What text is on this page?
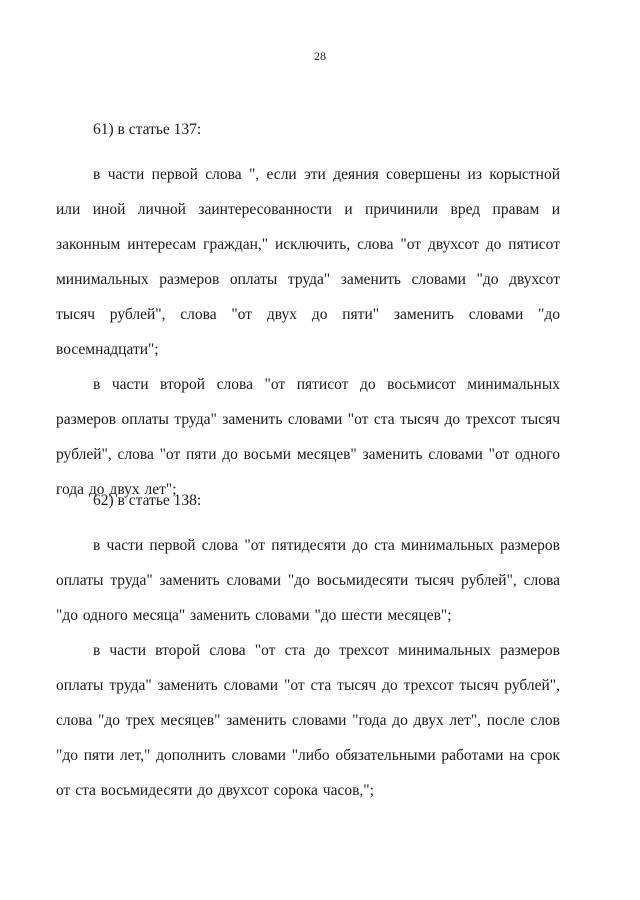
28

61) в статье 137:

в части первой слова ", если эти деяния совершены из корыстной или иной личной заинтересованности и причинили вред правам и законным интересам граждан," исключить, слова "от двухсот до пятисот минимальных размеров оплаты труда" заменить словами "до двухсот тысяч рублей", слова "от двух до пяти" заменить словами "до восемнадцати";

в части второй слова "от пятисот до восьмисот минимальных размеров оплаты труда" заменить словами "от ста тысяч до трехсот тысяч рублей", слова "от пяти до восьми месяцев" заменить словами "от одного года до двух лет";

62) в статье 138:

в части первой слова "от пятидесяти до ста минимальных размеров оплаты труда" заменить словами "до восьмидесяти тысяч рублей", слова "до одного месяца" заменить словами "до шести месяцев";

в части второй слова "от ста до трехсот минимальных размеров оплаты труда" заменить словами "от ста тысяч до трехсот тысяч рублей", слова "до трех месяцев" заменить словами "года до двух лет", после слов "до пяти лет," дополнить словами "либо обязательными работами на срок от ста восьмидесяти до двухсот сорока часов,";
